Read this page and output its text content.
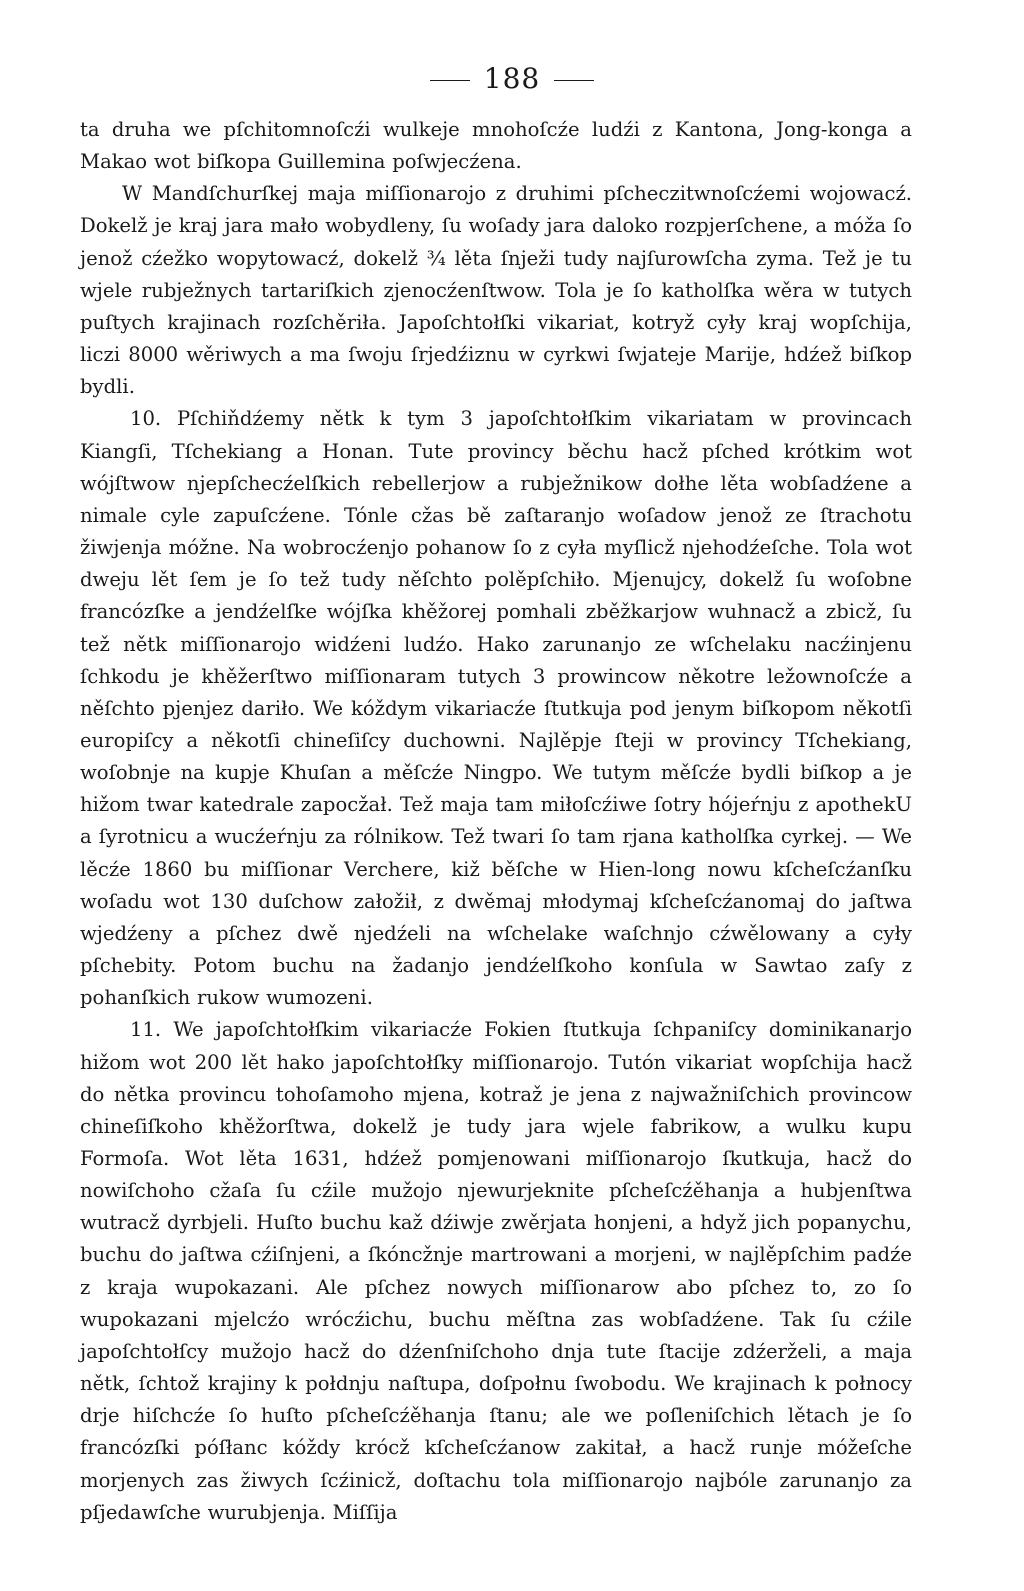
188

ta druha we pſchitomnoſcźi wulkeje mnohoſcźe ludźi z Kantona, Jong-konga a Makao wot biſkopa Guillemina poſwjecźena.

W Mandſchurſkej maja miſſionarojo z druhimi pſcheczitwnoſcźemi wojowacź. Dokelž je kraj jara mało wobydleny, ſu woſady jara daloko rozpjerſchene, a móža ſo jenož cźežko wopytowacź, dokelž ³⁄₄ lěta ſnježi tudy najſurowſcha zyma. Tež je tu wjele rubježnych tartariſkich zjenocźenſtwow. Tola je ſo katholſka wěra w tutych puſtych krajinach rozſchěriła. Japoſchtołſki vikariat, kotryž cyły kraj wopſchija, liczi 8000 wěriwych a ma ſwoju ſrjedźiznu w cyrkwi ſwjateje Marije, hdźež biſkop bydli.

10. Pſchiňdźemy nětk k tym 3 japoſchtołſkim vikariatam w provincach Kiangſi, Tſchekiang a Honan. Tute provincy běchu hacž pſched krótkim wot wójſtwow njepſchecźelſkich rebellerjow a rubježnikow dołhe lěta wobſadźene a nimale cyle zapuſcźene. Tónle cžas bě zaſtaranjo woſadow jenož ze ſtrachotu žiwjenja móžne. Na wobrocźenjo pohanow ſo z cyła myſlicž njehodźeſche. Tola wot dweju lět ſem je ſo tež tudy něſchto polěpſchiło. Mjenujcy, dokelž ſu woſobne francózſke a jendźelſke wójſka khěžorej pomhali zběžkarjow wuhnacž a zbicž, ſu tež nětk miſſionarojo widźeni ludźo. Hako zarunanjo ze wſchelaku nacźinjenu ſchkodu je khěžerſtwo miſſionaram tutych 3 prowincow někotre ležownoſcźe a něſchto pjenjez dariło. We kóždym vikariacźe ſtutkuja pod jenym biſkopom někotſi europiſcy a někotſi chineſiſcy duchowni. Najlěpje ſteji w provincy Tſchekiang, woſobnje na kupje Khuſan a měſcźe Ningpo. We tutym měſcźe bydli biſkop a je hižom twar katedrale zapocžał. Tež maja tam miłoſcźiwe ſotry hójeŕnju z apothekU a ſyrotnicu a wucźeŕnju za rólnikow. Tež twari ſo tam rjana katholſka cyrkej. — We lěcźe 1860 bu miſſionar Verchere, kiž běſche w Hien-long nowu kſcheſcźanſku woſadu wot 130 duſchow załožił, z dwěmaj młodymaj kſcheſcźanomaj do jaſtwa wjedźeny a pſchez dwě njedźeli na wſchelake waſchnjo cźwělowany a cyły pſchebity. Potom buchu na žadanjo jendźelſkoho konſula w Sawtao zaſy z pohanſkich rukow wumozeni.

11. We japoſchtołſkim vikariacźe Fokien ſtutkuja ſchpaniſcy dominikanarjo hižom wot 200 lět hako japoſchtołſky miſſionarojo. Tutón vikariat wopſchija hacž do nětka provincu tohoſamoho mjena, kotraž je jena z najwažniſchich provincow chineſiſkoho khěžorſtwa, dokelž je tudy jara wjele fabrikow, a wulku kupu Formoſa. Wot lěta 1631, hdźež pomjenowani miſſionarojo ſkutkuja, hacž do nowiſchoho cžaſa ſu cźile mužojo njewurjeknite pſcheſcźěhanja a hubjenſtwa wutracž dyrbjeli. Huſto buchu kaž dźiwje zwěrjata honjeni, a hdyž jich popanychu, buchu do jaſtwa cźiſnjeni, a ſkóncžnje martrowani a morjeni, w najlěpſchim padźe z kraja wupokazani. Ale pſchez nowych miſſionarow abo pſchez to, zo ſo wupokazani mjelcźo wrócźichu, buchu měſtna zas wobſadźene. Tak ſu cźile japoſchtołſcy mužojo hacž do dźenſniſchoho dnja tute ſtacije zdźerželi, a maja nětk, ſchtož krajiny k połdnju naſtupa, doſpołnu ſwobodu. We krajinach k połnocy drje hiſchcźe ſo huſto pſcheſcźěhanja ſtanu; ale we poſleniſchich lětach je ſo francózſki póſłanc kóždy krócž kſcheſcźanow zakitał, a hacž runje móžeſche morjenych zas žiwych ſcźinicž, doſtachu tola miſſionarojo najbóle zarunanjo za pſjedawſche wurubjenja. Miſſija
